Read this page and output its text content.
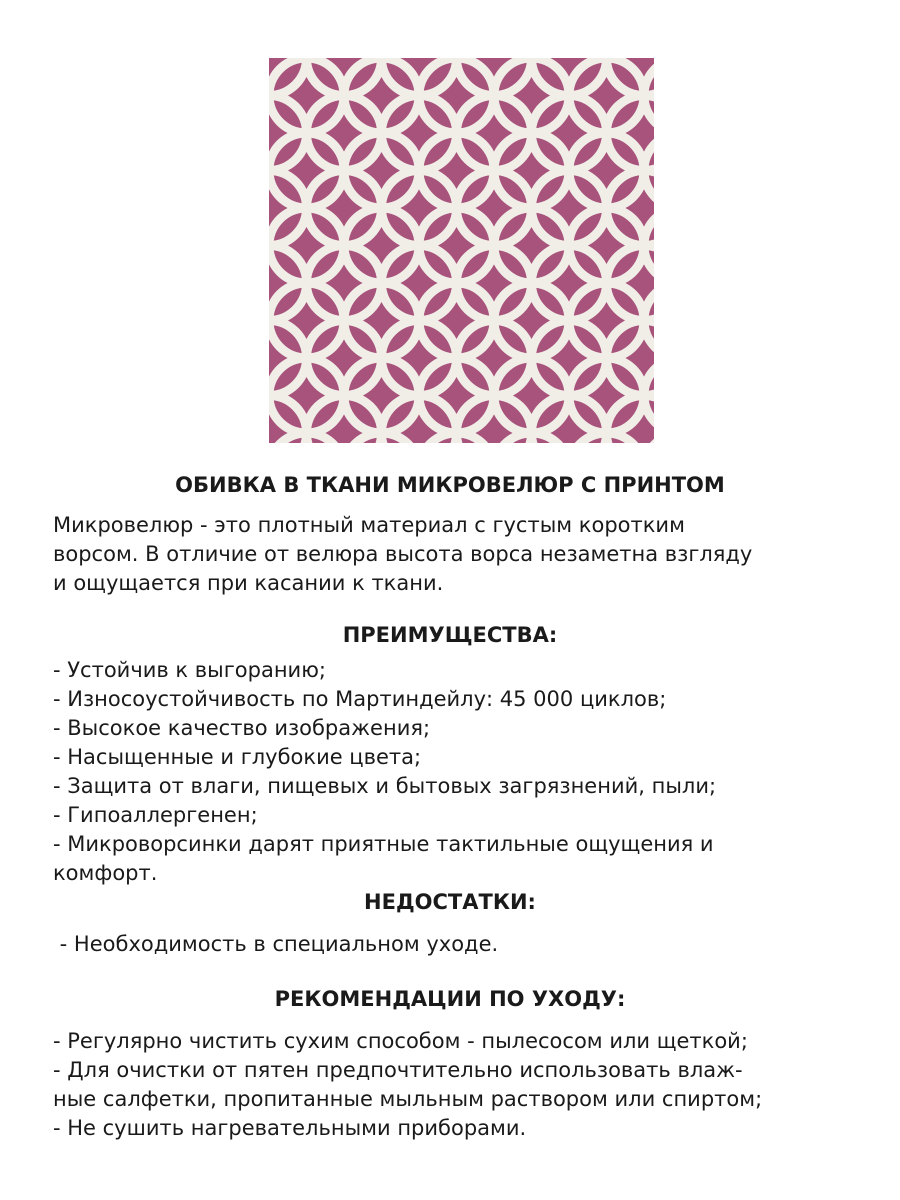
ОБИВКА В ТКАНИ МИКРОВЕЛЮР С ПРИНТОМ

Микровелюр - это плотный материал с густым коротким
ворсом. В отличие от велюра высота ворса незаметна взгляду
и ощущается при касании к ткани.

ПРЕИМУЩЕСТВА:
- Устойчив к выгоранию;
- Износоустойчивость по Мартиндейлу: 45 000 циклов;
- Высокое качество изображения;
- Насыщенные и глубокие цвета;
- Защита от влаги, пищевых и бытовых загрязнений, пыли;
- Гипоаллергенен;
- Микроворсинки дарят приятные тактильные ощущения и
комфорт.
НЕДОСТАТКИ:
- Необходимость в специальном уходе.
РЕКОМЕНДАЦИИ ПО УХОДУ:
- Регулярно чистить сухим способом - пылесосом или щеткой;
- Для очистки от пятен предпочтительно использовать влаж-
ные салфетки, пропитанные мыльным раствором или спиртом;
- Не сушить нагревательными приборами.
